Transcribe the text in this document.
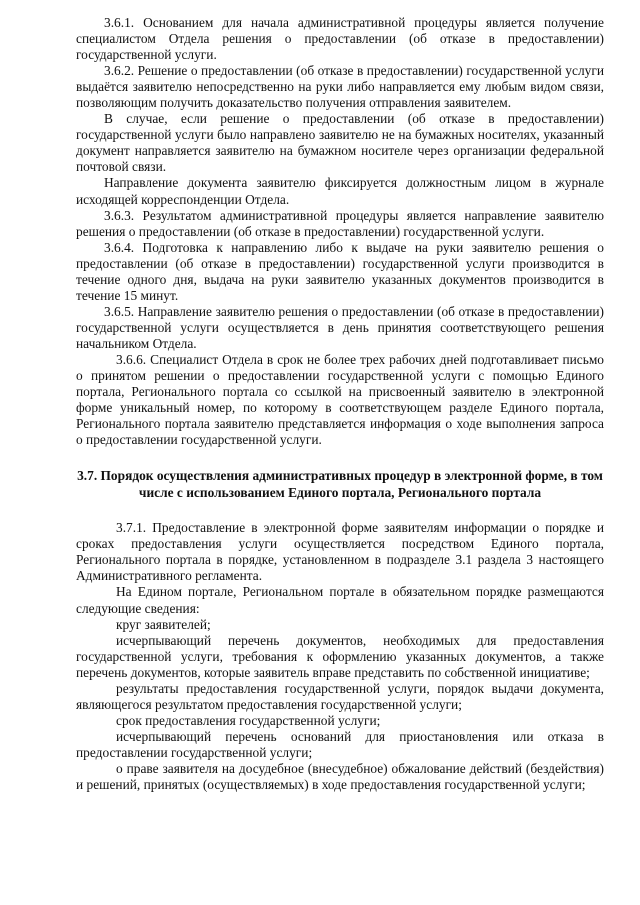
3.6.1. Основанием для начала административной процедуры является получение специалистом Отдела решения о предоставлении (об отказе в предоставлении) государственной услуги.

3.6.2. Решение о предоставлении (об отказе в предоставлении) государственной услуги выдаётся заявителю непосредственно на руки либо направляется ему любым видом связи, позволяющим получить доказательство получения отправления заявителем.

В случае, если решение о предоставлении (об отказе в предоставлении) государственной услуги было направлено заявителю не на бумажных носителях, указанный документ направляется заявителю на бумажном носителе через организации федеральной почтовой связи.

Направление документа заявителю фиксируется должностным лицом в журнале исходящей корреспонденции Отдела.

3.6.3. Результатом административной процедуры является направление заявителю решения о предоставлении (об отказе в предоставлении) государственной услуги.

3.6.4. Подготовка к направлению либо к выдаче на руки заявителю решения о предоставлении (об отказе в предоставлении) государственной услуги производится в течение одного дня, выдача на руки заявителю указанных документов производится в течение 15 минут.

3.6.5. Направление заявителю решения о предоставлении (об отказе в предоставлении) государственной услуги осуществляется в день принятия соответствующего решения начальником Отдела.

3.6.6. Специалист Отдела в срок не более трех рабочих дней подготавливает письмо о принятом решении о предоставлении государственной услуги с помощью Единого портала, Регионального портала со ссылкой на присвоенный заявителю в электронной форме уникальный номер, по которому в соответствующем разделе Единого портала, Регионального портала заявителю представляется информация о ходе выполнения запроса о предоставлении государственной услуги.

3.7. Порядок осуществления административных процедур в электронной форме, в том числе с использованием Единого портала, Регионального портала

3.7.1. Предоставление в электронной форме заявителям информации о порядке и сроках предоставления услуги осуществляется посредством Единого портала, Регионального портала в порядке, установленном в подразделе 3.1 раздела 3 настоящего Административного регламента.

На Едином портале, Региональном портале в обязательном порядке размещаются следующие сведения:

круг заявителей;

исчерпывающий перечень документов, необходимых для предоставления государственной услуги, требования к оформлению указанных документов, а также перечень документов, которые заявитель вправе представить по собственной инициативе;

результаты предоставления государственной услуги, порядок выдачи документа, являющегося результатом предоставления государственной услуги;

срок предоставления государственной услуги;

исчерпывающий перечень оснований для приостановления или отказа в предоставлении государственной услуги;

о праве заявителя на досудебное (внесудебное) обжалование действий (бездействия) и решений, принятых (осуществляемых) в ходе предоставления государственной услуги;
